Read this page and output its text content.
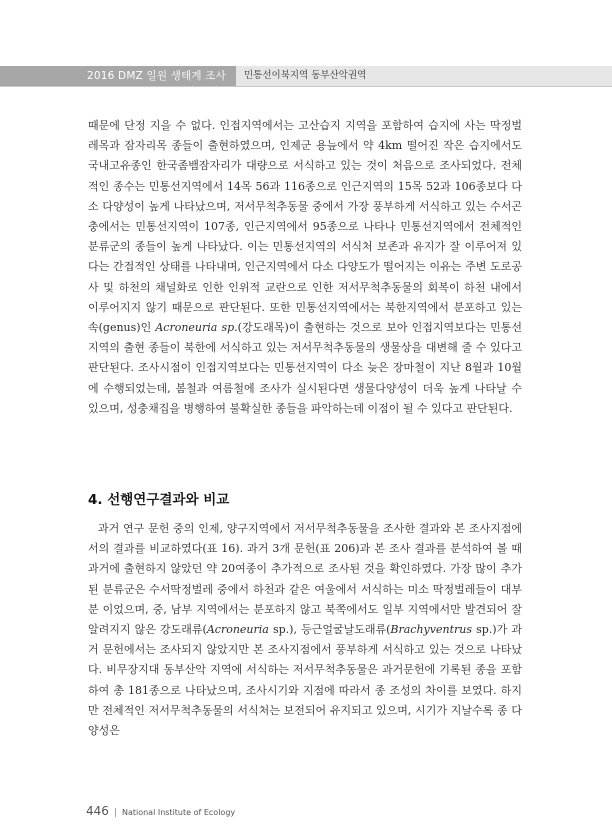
2016 DMZ 일원 생태계 조사	민통선이북지역 동부산악권역

때문에 단정 지을 수 없다. 인접지역에서는 고산습지 지역을 포함하여 습지에 사는 딱정벌레목과 잠자리목 종들이 출현하였으며, 인제군 용늪에서 약 4km 떨어진 작은 습지에서도 국내고유종인 한국좀뱀잠자리가 대량으로 서식하고 있는 것이 처음으로 조사되었다. 전체적인 종수는 민통선지역에서 14목 56과 116종으로 인근지역의 15목 52과 106종보다 다소 다양성이 높게 나타났으며, 저서무척추동물 중에서 가장 풍부하게 서식하고 있는 수서곤충에서는 민통선지역이 107종, 인근지역에서 95종으로 나타나 민통선지역에서 전체적인 분류군의 종들이 높게 나타났다. 이는 민통선지역의 서식처 보존과 유지가 잘 이루어져 있다는 간접적인 상태를 나타내며, 인근지역에서 다소 다양도가 떨어지는 이유는 주변 도로공사 및 하천의 채널화로 인한 인위적 교란으로 인한 저서무척추동물의 회복이 하천 내에서 이루어지지 않기 때문으로 판단된다. 또한 민통선지역에서는 북한지역에서 분포하고 있는 속(genus)인 Acroneuria sp.(강도래목)이 출현하는 것으로 보아 인접지역보다는 민통선지역의 출현 종들이 북한에 서식하고 있는 저서무척추동물의 생물상을 대변해 줄 수 있다고 판단된다. 조사시점이 인접지역보다는 민통선지역이 다소 늦은 장마철이 지난 8월과 10월에 수행되었는데, 봄철과 여름철에 조사가 실시된다면 생물다양성이 더욱 높게 나타날 수 있으며, 성충채집을 병행하여 불확실한 종들을 파악하는데 이점이 될 수 있다고 판단된다.

4. 선행연구결과와 비교

과거 연구 문헌 중의 인제, 양구지역에서 저서무척추동물을 조사한 결과와 본 조사지점에서의 결과를 비교하였다(표 16). 과거 3개 문헌(표 206)과 본 조사 결과를 분석하여 볼 때 과거에 출현하지 않았던 약 20여종이 추가적으로 조사된 것을 확인하였다. 가장 많이 추가된 분류군은 수서딱정벌레 중에서 하천과 같은 여울에서 서식하는 미소 딱정벌레들이 대부분 이었으며, 중, 남부 지역에서는 분포하지 않고 북쪽에서도 일부 지역에서만 발견되어 잘 알려지지 않은 강도래류(Acroneuria sp.), 등근얼굴날도래류(Brachyventrus sp.)가 과거 문헌에서는 조사되지 않았지만 본 조사지점에서 풍부하게 서식하고 있는 것으로 나타났다. 비무장지대 동부산악 지역에 서식하는 저서무척추동물은 과거문헌에 기록된 종을 포함하여 총 181종으로 나타났으며, 조사시기와 지점에 따라서 종 조성의 차이를 보였다. 하지만 전체적인 저서무척추동물의 서식처는 보전되어 유지되고 있으며, 시기가 지날수록 종 다양성은

446 | National Institute of Ecology
